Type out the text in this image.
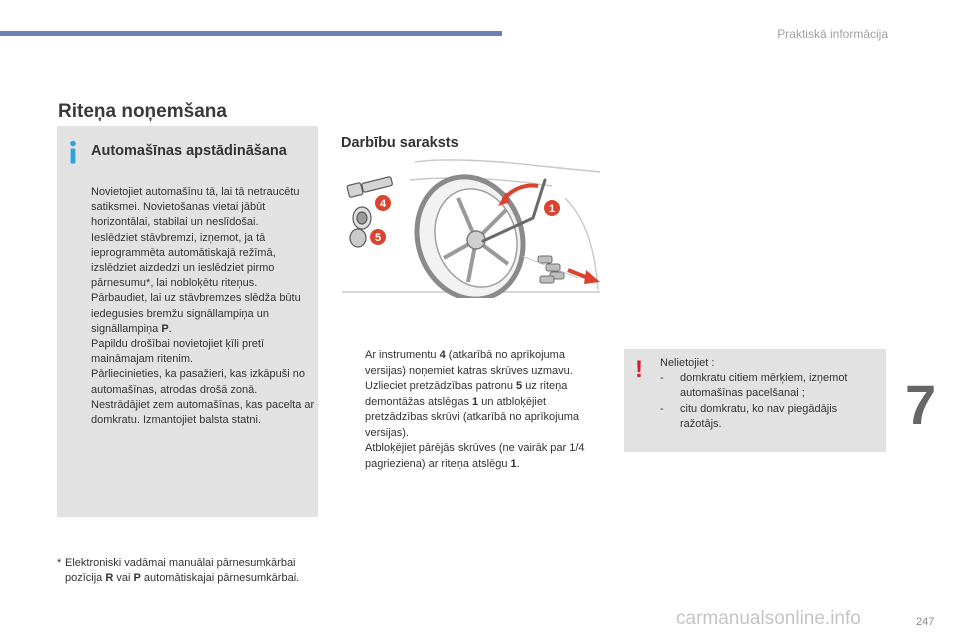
Praktiskā informācija
Riteņa noņemšana
Automašīnas apstādināšana

Novietojiet automašīnu tā, lai tā netraucētu satiksmei. Novietošanas vietai jābūt horizontālai, stabilai un neslīdošai.

Ieslēdziet stāvbremzi, izņemot, ja tā ieprogrammēta automātiskajā režīmā, izslēdziet aizdedzi un ieslēdziet pirmo pārnesumu*, lai nobloķētu riteņus.

Pārbaudiet, lai uz stāvbremzes slēdža būtu iedegusies bremžu signāllampiņa un signāllampiņa P.

Papildu drošībai novietojiet ķīli pretī maināmajam ritenim.

Pārliecinieties, ka pasažieri, kas izkāpuši no automašīnas, atrodas drošā zonā.

Nestrādājiet zem automašīnas, kas pacelta ar domkratu. Izmantojiet balsta statni.

* Elektroniski vadāmai manuālai pārnesumkārbai pozīcija R vai P automātiskajai pārnesumkārbai.
Darbību saraksts
1
4
5
Ar instrumentu 4 (atkarībā no aprīkojuma versijas) noņemiet katras skrūves uzmavu.
Uzlieciet pretzādzības patronu 5 uz riteņa demontāžas atslēgas 1 un atbloķējiet pretzādzības skrūvi (atkarībā no aprīkojuma versijas).
Atbloķējiet pārējās skrūves (ne vairāk par 1/4 pagrieziena) ar riteņa atslēgu 1.
! Nelietojiet :
- domkratu citiem mērķiem, izņemot automašīnas pacelšanai ;
- citu domkratu, ko nav piegādājis ražotājs.	7
carmanualsonline.info	247
